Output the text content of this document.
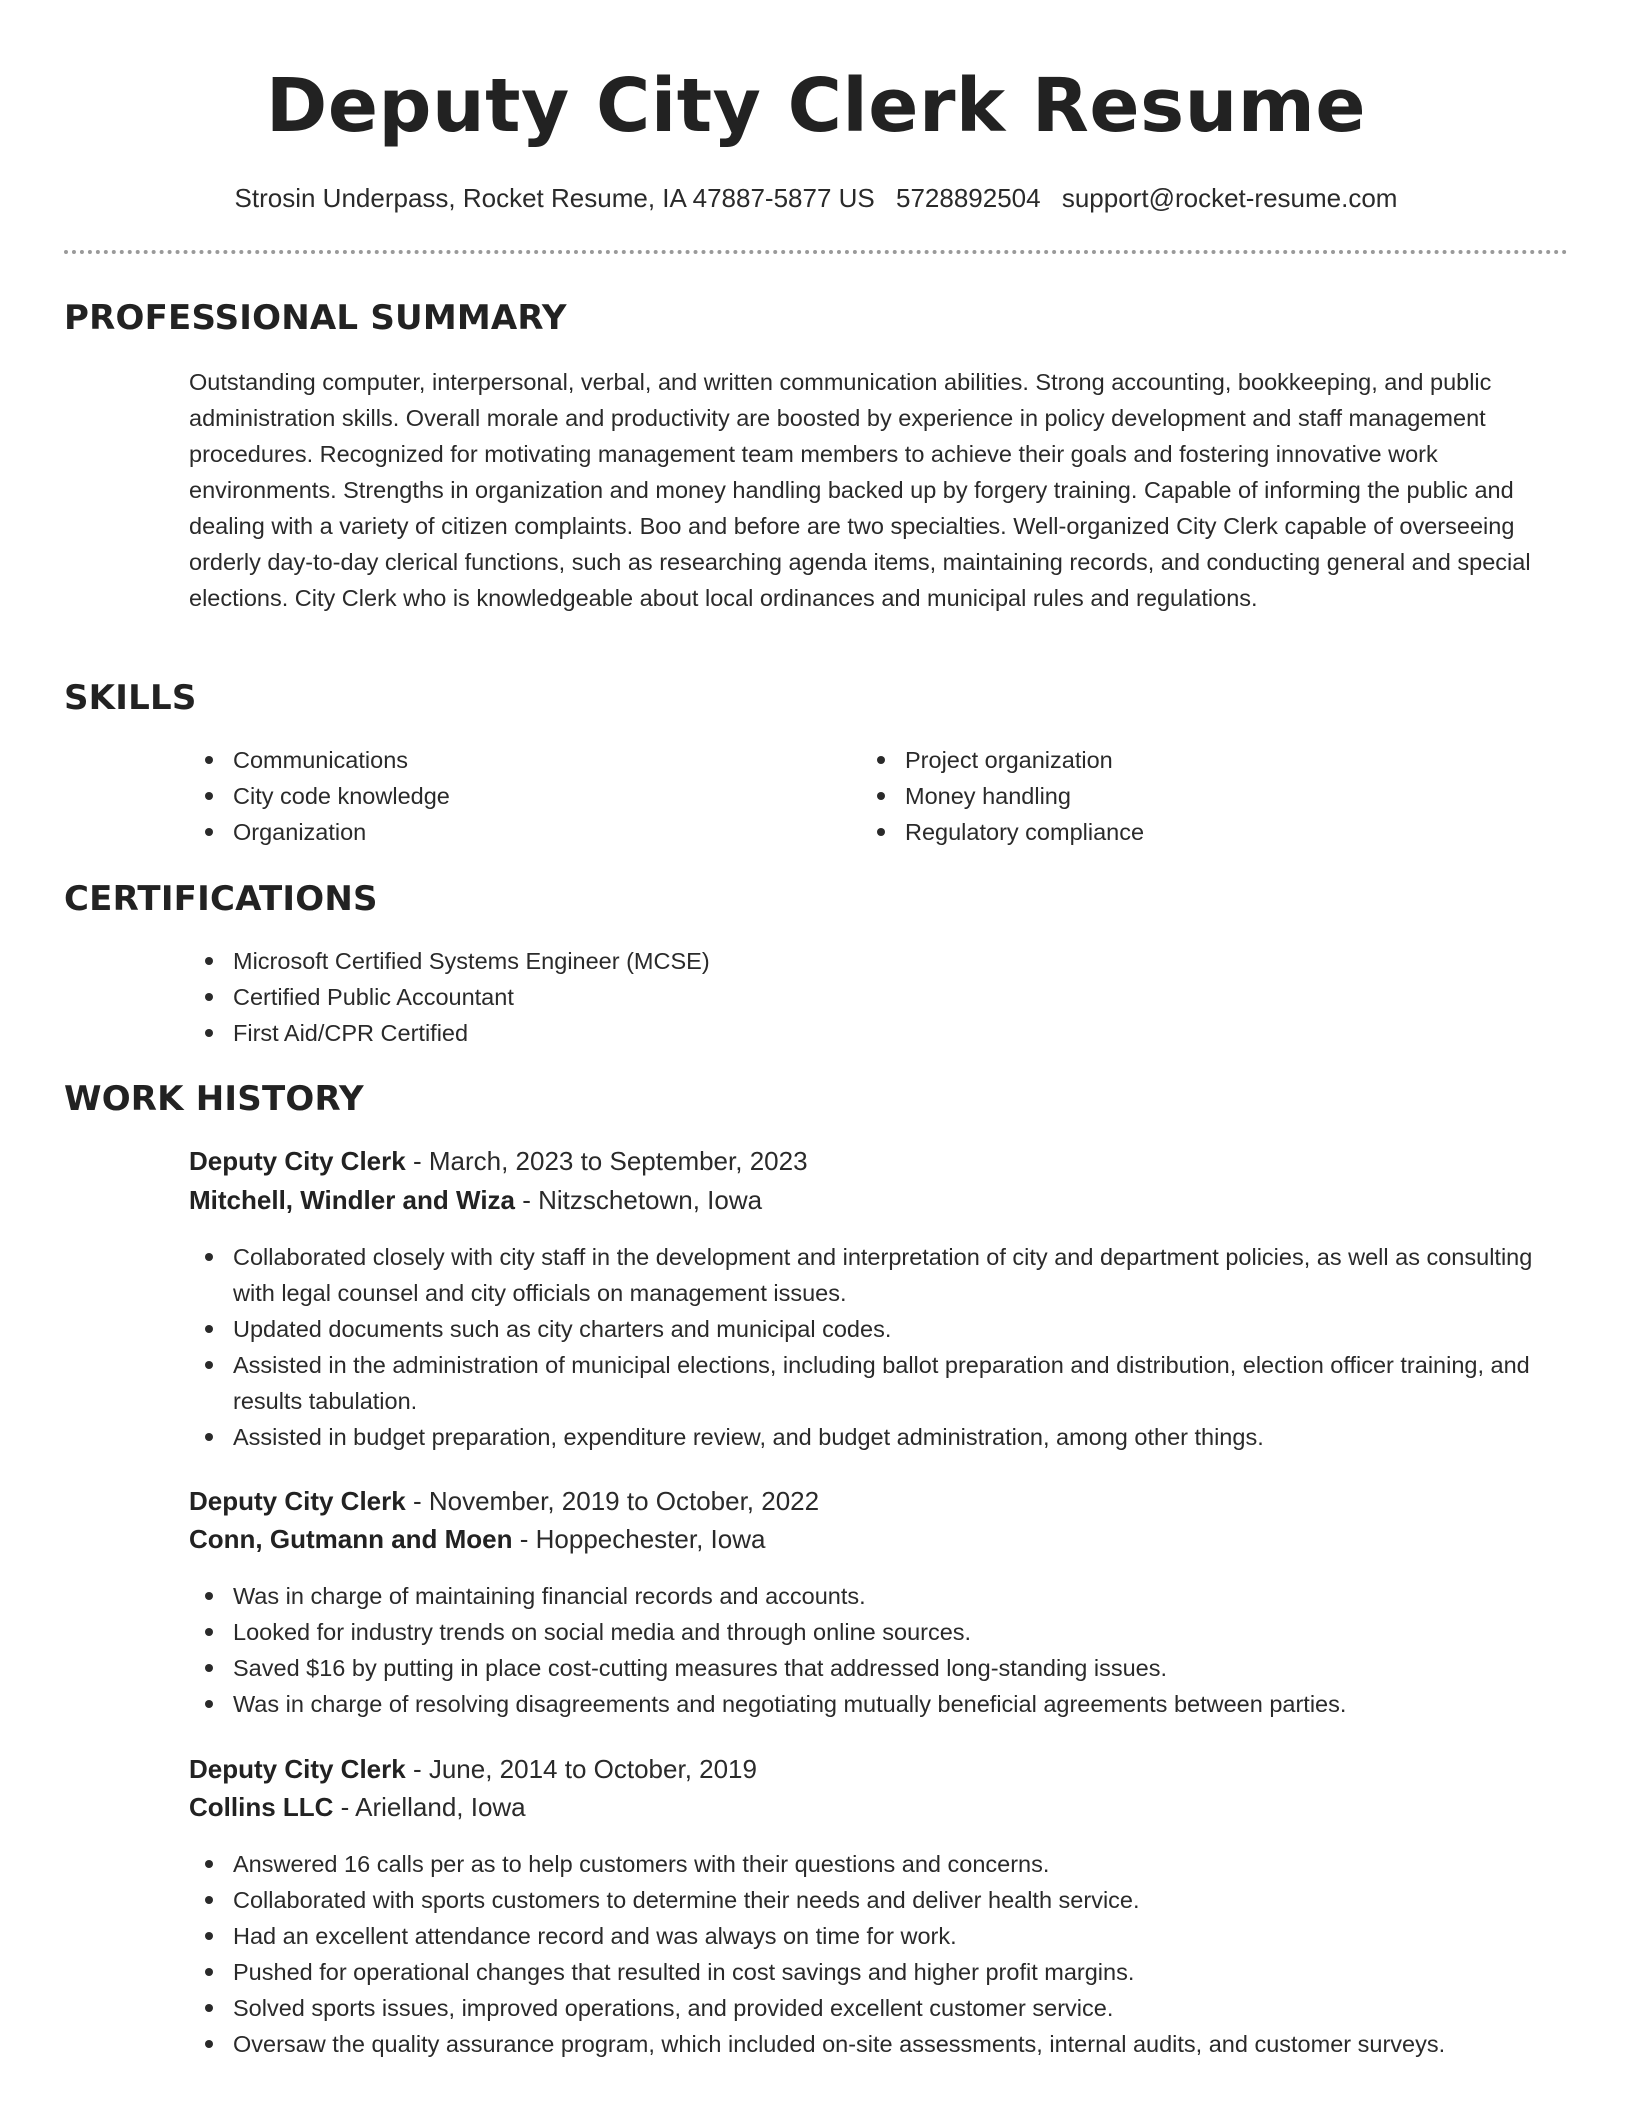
Deputy City Clerk Resume
Strosin Underpass, Rocket Resume, IA 47887-5877 US 5728892504 support@rocket-resume.com
PROFESSIONAL SUMMARY
Outstanding computer, interpersonal, verbal, and written communication abilities. Strong accounting, bookkeeping, and public administration skills. Overall morale and productivity are boosted by experience in policy development and staff management procedures. Recognized for motivating management team members to achieve their goals and fostering innovative work environments. Strengths in organization and money handling backed up by forgery training. Capable of informing the public and dealing with a variety of citizen complaints. Boo and before are two specialties. Well-organized City Clerk capable of overseeing orderly day-to-day clerical functions, such as researching agenda items, maintaining records, and conducting general and special elections. City Clerk who is knowledgeable about local ordinances and municipal rules and regulations.
SKILLS
Communications
City code knowledge
Organization
Project organization
Money handling
Regulatory compliance
CERTIFICATIONS
Microsoft Certified Systems Engineer (MCSE)
Certified Public Accountant
First Aid/CPR Certified
WORK HISTORY
Deputy City Clerk - March, 2023 to September, 2023
Mitchell, Windler and Wiza - Nitzschetown, Iowa
Collaborated closely with city staff in the development and interpretation of city and department policies, as well as consulting with legal counsel and city officials on management issues.
Updated documents such as city charters and municipal codes.
Assisted in the administration of municipal elections, including ballot preparation and distribution, election officer training, and results tabulation.
Assisted in budget preparation, expenditure review, and budget administration, among other things.
Deputy City Clerk - November, 2019 to October, 2022
Conn, Gutmann and Moen - Hoppechester, Iowa
Was in charge of maintaining financial records and accounts.
Looked for industry trends on social media and through online sources.
Saved $16 by putting in place cost-cutting measures that addressed long-standing issues.
Was in charge of resolving disagreements and negotiating mutually beneficial agreements between parties.
Deputy City Clerk - June, 2014 to October, 2019
Collins LLC - Arielland, Iowa
Answered 16 calls per as to help customers with their questions and concerns.
Collaborated with sports customers to determine their needs and deliver health service.
Had an excellent attendance record and was always on time for work.
Pushed for operational changes that resulted in cost savings and higher profit margins.
Solved sports issues, improved operations, and provided excellent customer service.
Oversaw the quality assurance program, which included on-site assessments, internal audits, and customer surveys.
